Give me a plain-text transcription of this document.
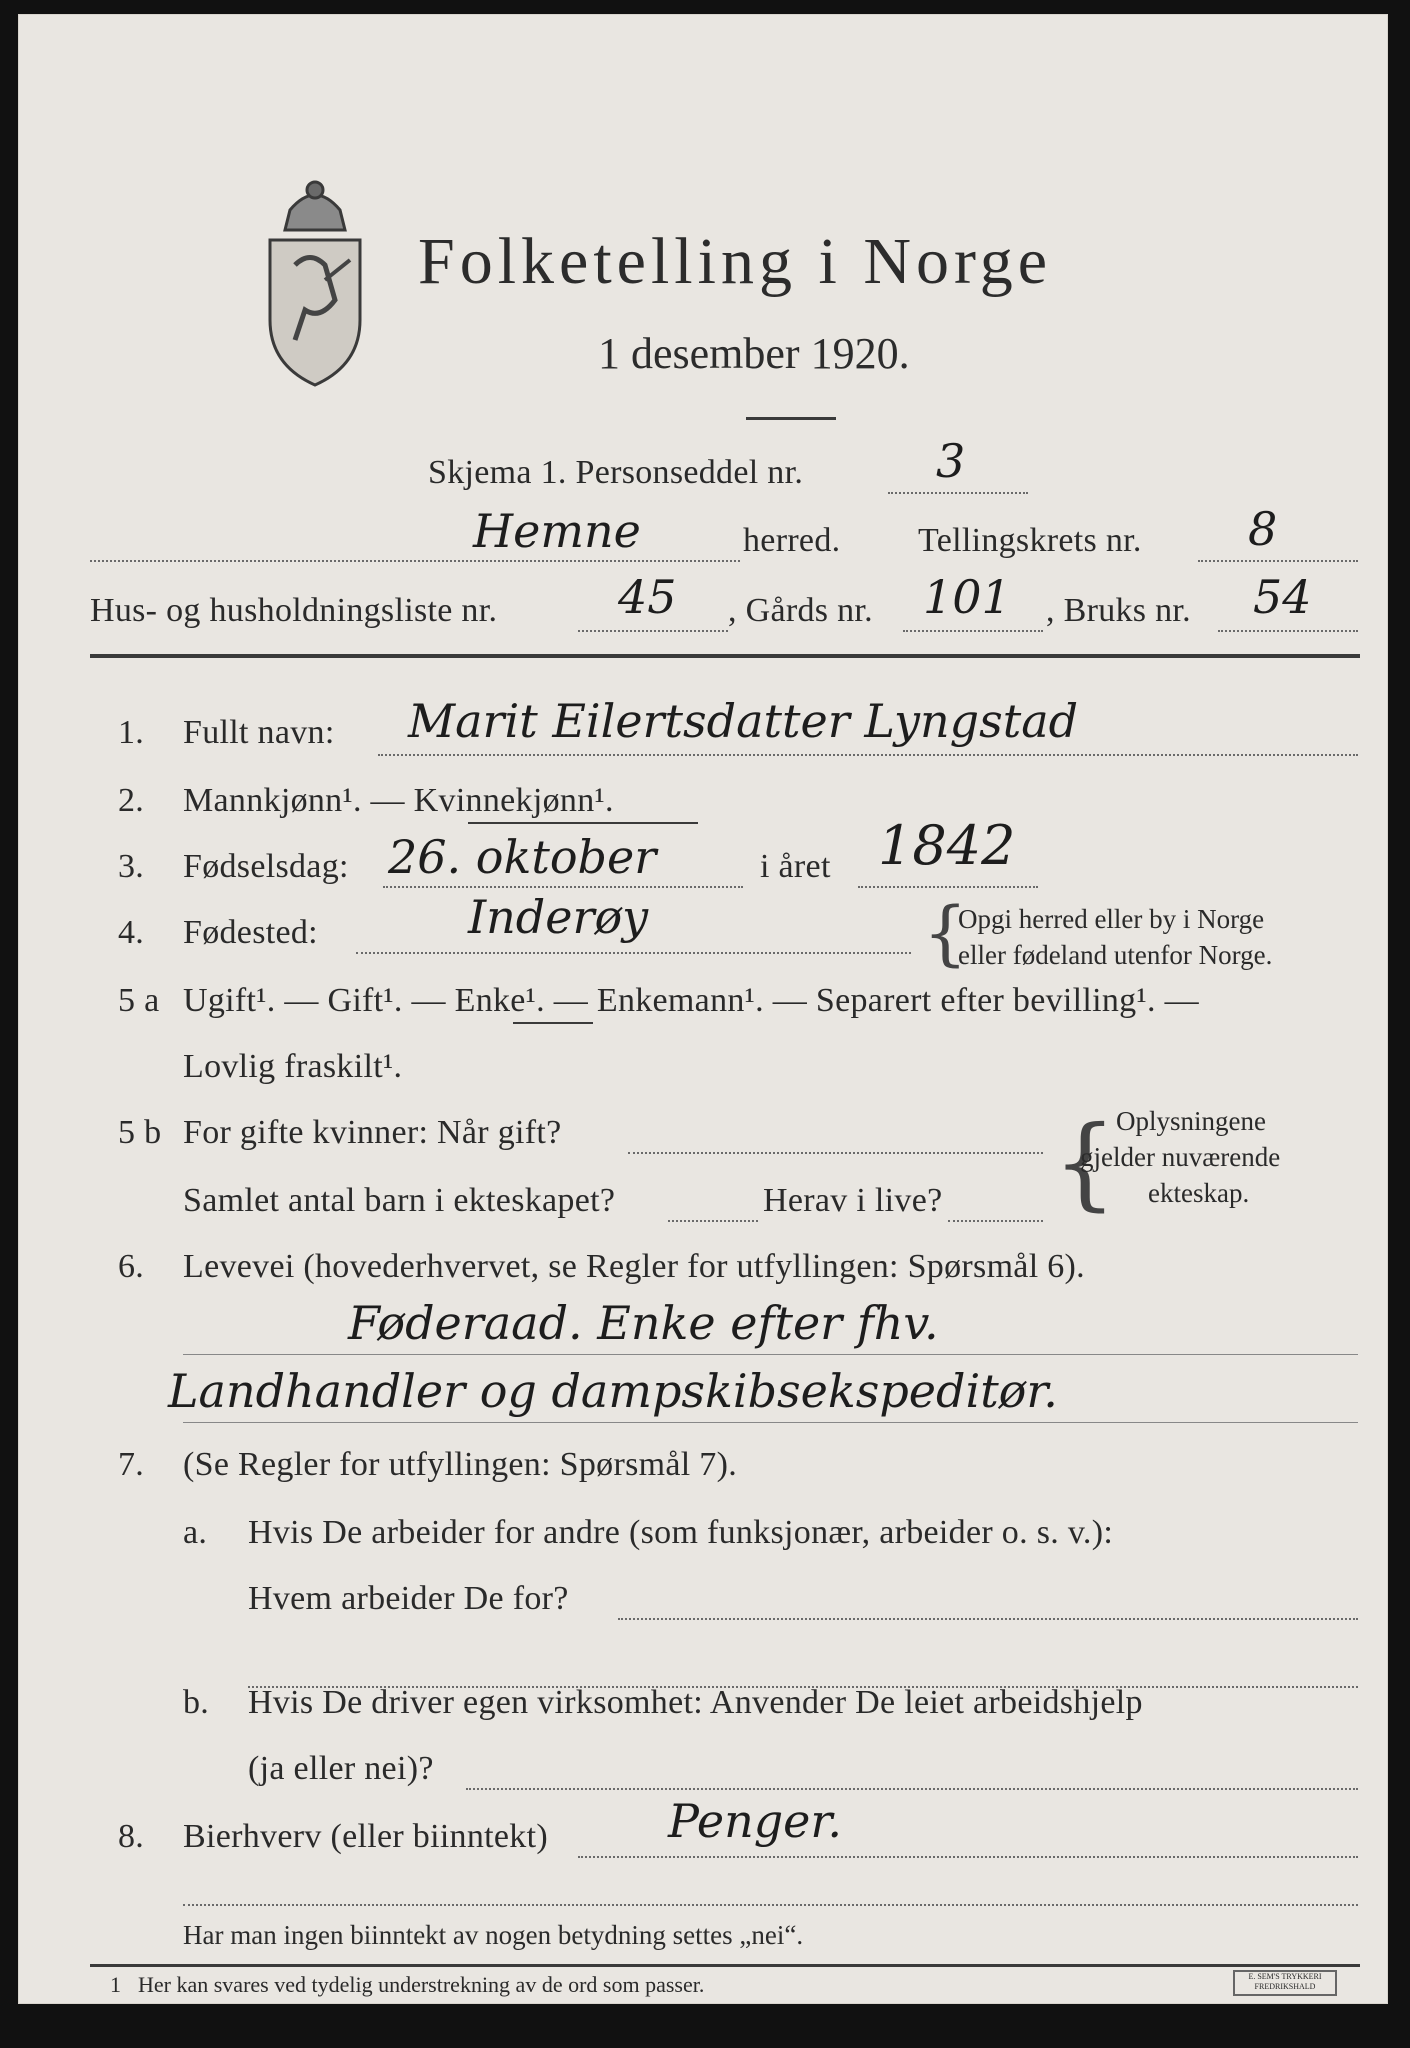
Folketelling i Norge
1 desember 1920.
Skjema 1. Personseddel nr.	3
Hemne	herred. Tellingskrets nr. 8
Hus- og husholdningsliste nr.	45 , Gårds nr. 101 , Bruks nr. 54
1. Fullt navn: Marit Eilertsdatter Lyngstad
2. Mannkjønn¹. — Kvinnekjønn¹.
3. Fødselsdag: 26. oktober	i året 1842
4. Fødested:	Inderøy	{
Opgi herred eller by i Norge
eller fødeland utenfor Norge.
5 a Ugift¹. — Gift¹. — Enke¹. — Enkemann¹. — Separert efter bevilling¹. —
Lovlig fraskilt¹.
5 b For gifte kvinner: Når gift?
Samlet antal barn i ekteskapet?	Herav i live? { Oplysningene
gjelder nuværende
ekteskap.
6. Levevei (hovederhvervet, se Regler for utfyllingen: Spørsmål 6).
Føderaad. Enke efter fhv.
Landhandler og dampskibsekspeditør.
7. (Se Regler for utfyllingen: Spørsmål 7).
a. Hvis De arbeider for andre (som funksjonær, arbeider o. s. v.):
Hvem arbeider De for?
b. Hvis De driver egen virksomhet: Anvender De leiet arbeidshjelp
(ja eller nei)?
8. Bierhverv (eller biinntekt)	Penger.
Har man ingen biinntekt av nogen betydning settes „nei“.
1 Her kan svares ved tydelig understrekning av de ord som passer.	E. SEM'S TRYKKERI FREDRIKSHALD
